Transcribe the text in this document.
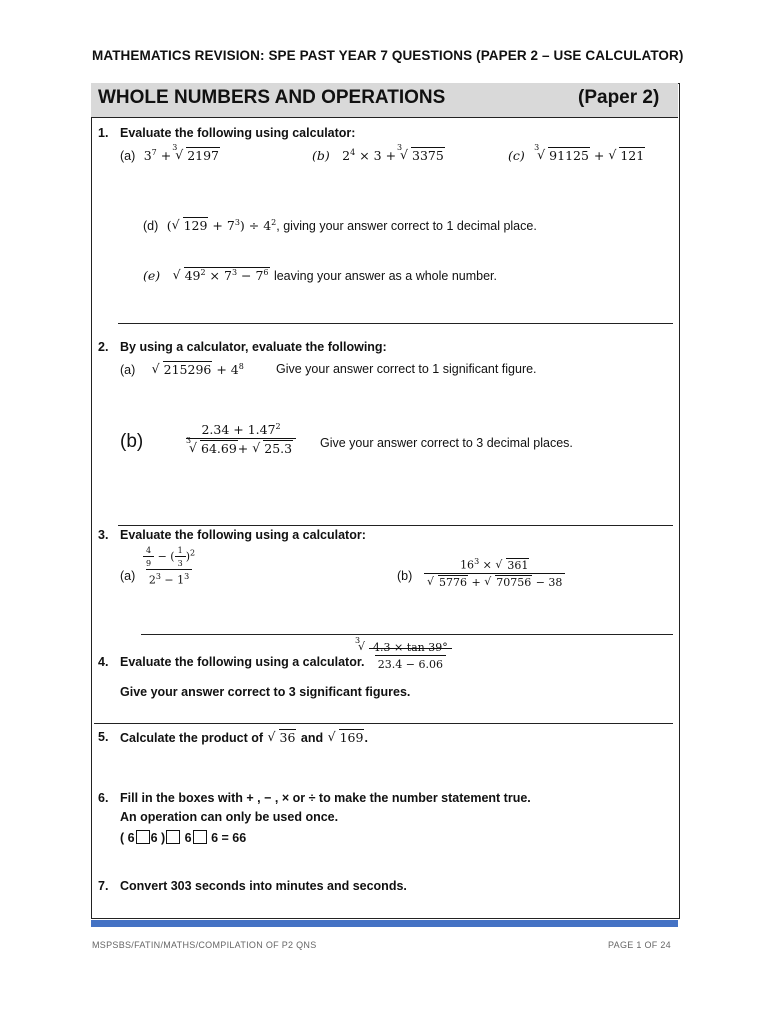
MATHEMATICS REVISION: SPE PAST YEAR 7 QUESTIONS (PAPER 2 – USE CALCULATOR)
WHOLE NUMBERS AND OPERATIONS	(Paper 2)
1. Evaluate the following using calculator:
(a)  $3^7$ +
√ 3
2197	(b)   $2^4 \times 3$ +
√ 3
3375	(c)
√ 3
91125 + √ 121
(d)  ( √ $129 + 7^3) \div 4^2$, giving your answer correct to 1 decimal place.
(e) √ $49^2 \times 7^3 - 7^6$ leaving your answer as a whole number.
2. By using a calculator, evaluate the following:
(a) √ $215296 + 4^8$	Give your answer correct to 1 significant figure.
(b)	$2.34 + 1.47^2$
√ 3
64.69+ √ 25.3 Give your answer correct to 3 decimal places.
3. Evaluate the following using a calculator:
$(a) \frac{\frac{4}{9} - ( \frac{1}{3} )^2}{2^3 - 1^3}$	(b) $16^3$ × √ 361
√ 5776 + √ 70756 − 38
4. Evaluate the following using a calculator.
√ 3
$\frac{4.3 \times \tan 39^\circ}{23.4 - 6.06}$
Give your answer correct to 3 significant figures.
5. Calculate the product of √ 36 and √ 169.
6. Fill in the boxes with + , − , × or ÷ to make the number statement true.
An operation can only be used once.
( 6 6 ) 6 6 = 66
7. Convert 303 seconds into minutes and seconds.
MSPSBS/FATIN/MATHS/COMPILATION OF P2 QNS	PAGE 1 OF 24
